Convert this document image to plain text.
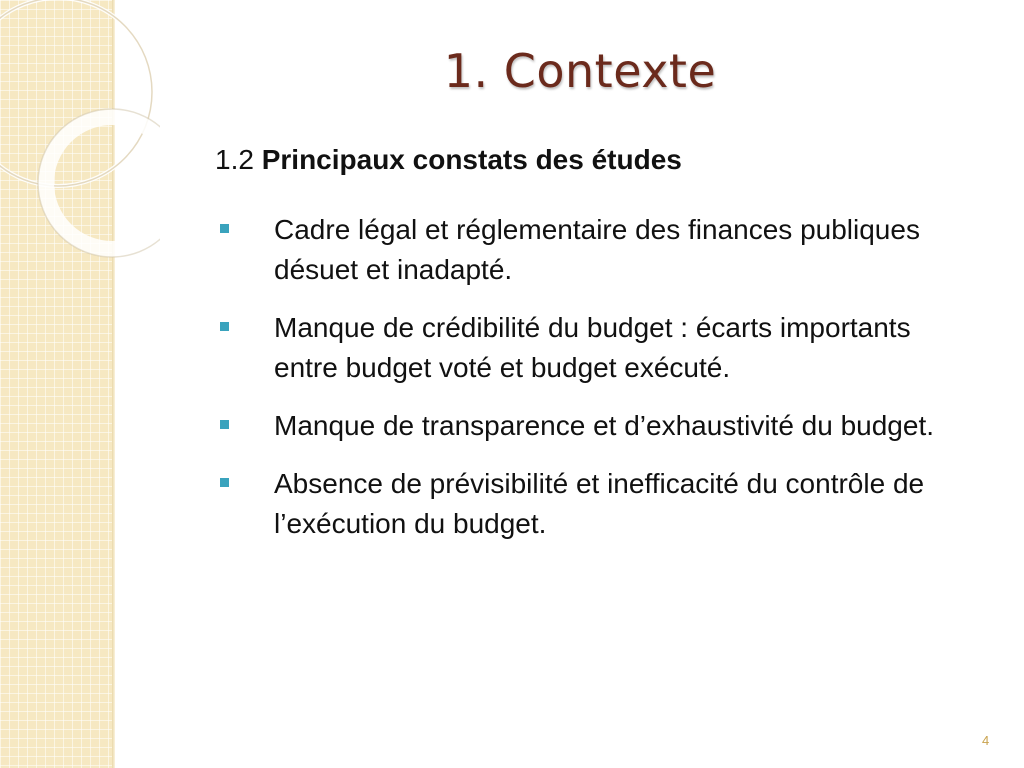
1. Contexte
1.2 Principaux constats des études
Cadre légal et réglementaire des finances publiques désuet et inadapté.
Manque de crédibilité du budget : écarts importants entre budget voté et budget exécuté.
Manque de transparence et d’exhaustivité du budget.
Absence de prévisibilité et inefficacité du contrôle de l’exécution du budget.
4
